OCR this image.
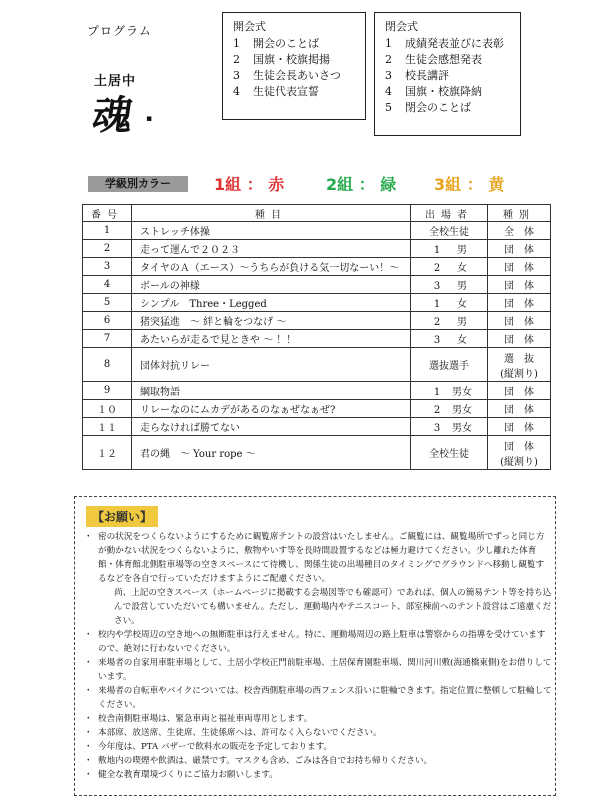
プログラム
土居中
魂 ▪
開会式
1 開会のことば
2 国旗・校旗掲揚
3 生徒会長あいさつ
4 生徒代表宣誓
閉会式
1 成績発表並びに表彰
2 生徒会感想発表
3 校長講評
4 国旗・校旗降納
5 閉会のことば
学級別カラー	1組 ： 赤	2組 ： 緑 3組 ： 黄
番号	種目	出場者	種別
1	ストレッチ体操	全校生徒	全　体

2	走って運んで２０２３	1 男	団　体

3	タイヤのＡ（エース）～うちらが負ける気一切なーい！～	2 女	団　体

4	ボールの神様	3 男	団　体

5	シンプル　Three・Legged	1 女	団　体

6	猪突猛進　～ 絆と輪をつなげ ～	2 男	団　体

7	あたいらが走るで見ときや ～ ！！	3 女	団　体

8	団体対抗リレー	選抜選手	選　抜
(縦割り)

9	綱取物語	1 男女	団　体

１０	リレーなのにムカデがあるのなぁぜなぁぜ?	2 男女	団　体

１１	走らなければ勝てない	3 男女	団　体

１２	君の縄　～ Your rope ～	全校生徒	団　体
(縦割り)
【お願い】

・ 密の状況をつくらないようにするために観覧席テントの設営はいたしません。ご観覧には、観覧場所でずっと同じ方が動かない状況をつくらないように、敷物やいす等を長時間設置するなどは極力避けてください。少し離れた体育館・体育館北側駐車場等の空きスペースにて待機し、関係生徒の出場種目のタイミングでグラウンドへ移動し観覧するなどを各自で行っていただけますようにご配慮ください。

尚、上記の空きスペース（ホームページに掲載する会場図等でも確認可）であれば、個人の簡易テント等を持ち込んで設営していただいても構いません。ただし、運動場内やテニスコート、部室棟前へのテント設営はご遠慮ください。

・ 校内や学校周辺の空き地への無断駐車は行えません。特に、運動場周辺の路上駐車は警察からの指導を受けていますので、絶対に行わないでください。

・ 来場者の自家用車駐車場として、土居小学校正門前駐車場、土居保育園駐車場、関川河川敷(海通橋東側)をお借りしています。

・ 来場者の自転車やバイクについては、校舎西側駐車場の西フェンス沿いに駐輪できます。指定位置に整頓して駐輪してください。

・ 校舎南側駐車場は、緊急車両と福祉車両専用とします。

・ 本部席、放送席、生徒席、生徒係席へは、許可なく入らないでください。

・ 今年度は、PTA バザーで飲料水の販売を予定しております。

・ 敷地内の喫煙や飲酒は、厳禁です。マスクも含め、ごみは各自でお持ち帰りください。

・ 健全な教育環境づくりにご協力お願いします。
